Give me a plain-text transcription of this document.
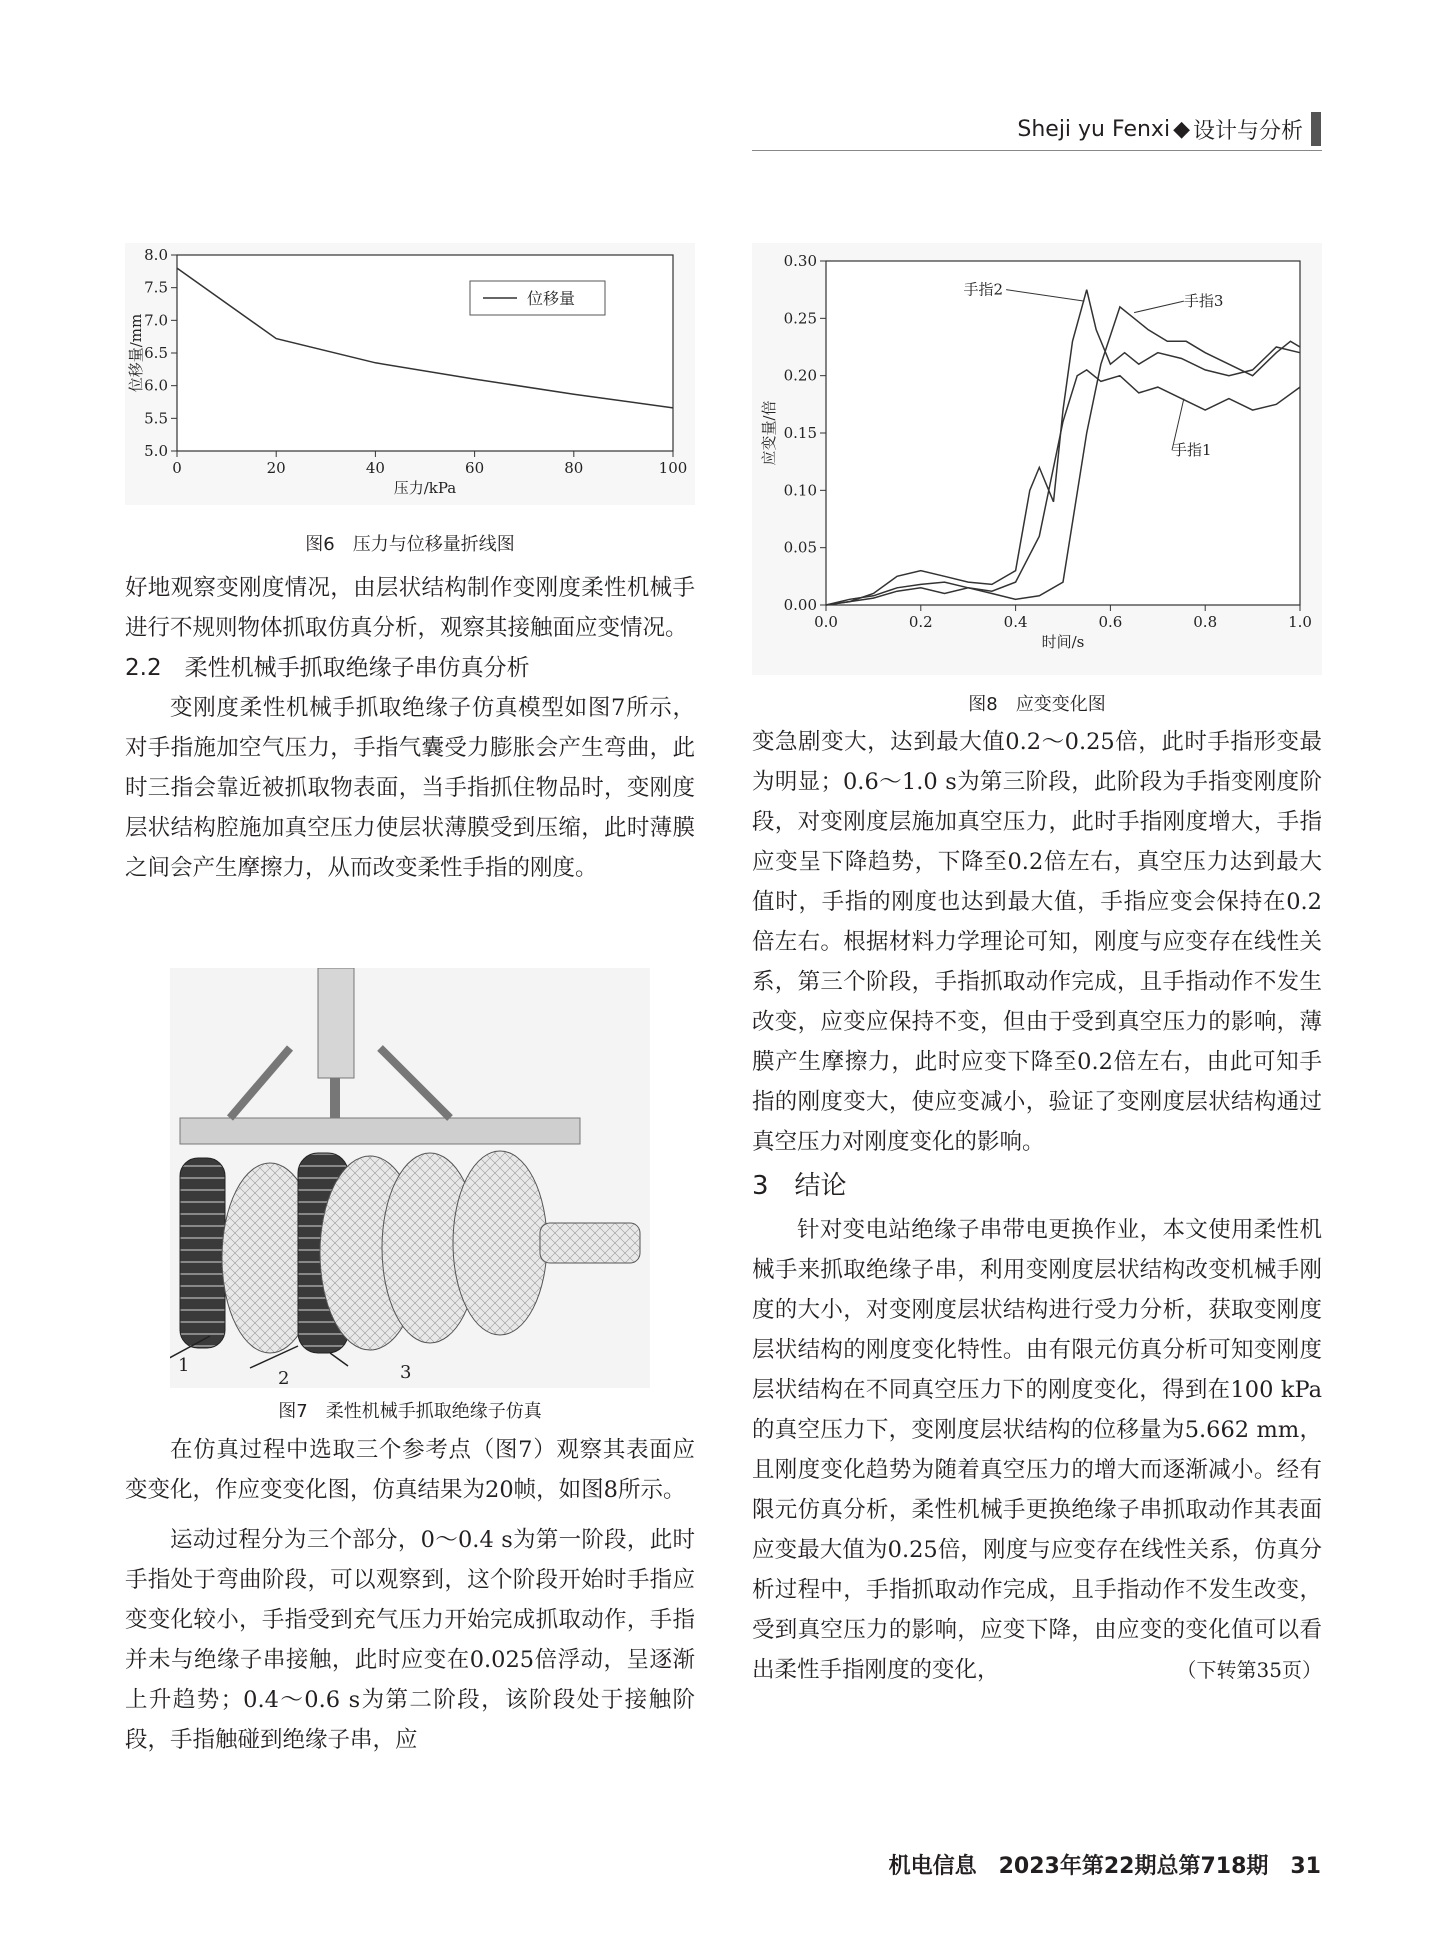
Sheji yu Fenxi ◆ 设计与分析
0	20	40	60	80	100
5.0
5.5
6.0
6.5
7.0
7.5
8.0
压力/kPa
位移量/mm
位移量
图6　压力与位移量折线图
0.0	0.2	0.4	0.6	0.8	1.0
0.00
0.05
0.10
0.15
0.20
0.25
0.30
时间/s
应变量/倍
手指2
手指3
手指1
图8　应变变化图

好地观察变刚度情况，由层状结构制作变刚度柔性机械手进行不规则物体抓取仿真分析，观察其接触面应变情况。

2.2　柔性机械手抓取绝缘子串仿真分析

变刚度柔性机械手抓取绝缘子仿真模型如图7所示，对手指施加空气压力，手指气囊受力膨胀会产生弯曲，此时三指会靠近被抓取物表面，当手指抓住物品时，变刚度层状结构腔施加真空压力使层状薄膜受到压缩，此时薄膜之间会产生摩擦力，从而改变柔性手指的刚度。

1
2	3
图7　柔性机械手抓取绝缘子仿真

在仿真过程中选取三个参考点（图7）观察其表面应变变化，作应变变化图，仿真结果为20帧，如图8所示。

运动过程分为三个部分，0～0.4 s为第一阶段，此时手指处于弯曲阶段，可以观察到，这个阶段开始时手指应变变化较小，手指受到充气压力开始完成抓取动作，手指并未与绝缘子串接触，此时应变在0.025倍浮动，呈逐渐上升趋势；0.4～0.6 s为第二阶段，该阶段处于接触阶段，手指触碰到绝缘子串，应

变急剧变大，达到最大值0.2～0.25倍，此时手指形变最为明显；0.6～1.0 s为第三阶段，此阶段为手指变刚度阶段，对变刚度层施加真空压力，此时手指刚度增大，手指应变呈下降趋势，下降至0.2倍左右，真空压力达到最大值时，手指的刚度也达到最大值，手指应变会保持在0.2倍左右。根据材料力学理论可知，刚度与应变存在线性关系，第三个阶段，手指抓取动作完成，且手指动作不发生改变，应变应保持不变，但由于受到真空压力的影响，薄膜产生摩擦力，此时应变下降至0.2倍左右，由此可知手指的刚度变大，使应变减小，验证了变刚度层状结构通过真空压力对刚度变化的影响。

3　结论

针对变电站绝缘子串带电更换作业，本文使用柔性机械手来抓取绝缘子串，利用变刚度层状结构改变机械手刚度的大小，对变刚度层状结构进行受力分析，获取变刚度层状结构的刚度变化特性。由有限元仿真分析可知变刚度层状结构在不同真空压力下的刚度变化，得到在100 kPa的真空压力下，变刚度层状结构的位移量为5.662 mm，且刚度变化趋势为随着真空压力的增大而逐渐减小。经有限元仿真分析，柔性机械手更换绝缘子串抓取动作其表面应变最大值为0.25倍，刚度与应变存在线性关系，仿真分析过程中，手指抓取动作完成，且手指动作不发生改变，受到真空压力的影响，应变下降，由应变的变化值可以看出柔性手指刚度的变化，	（下转第35页）

机电信息　2023年第22期总第718期　31
